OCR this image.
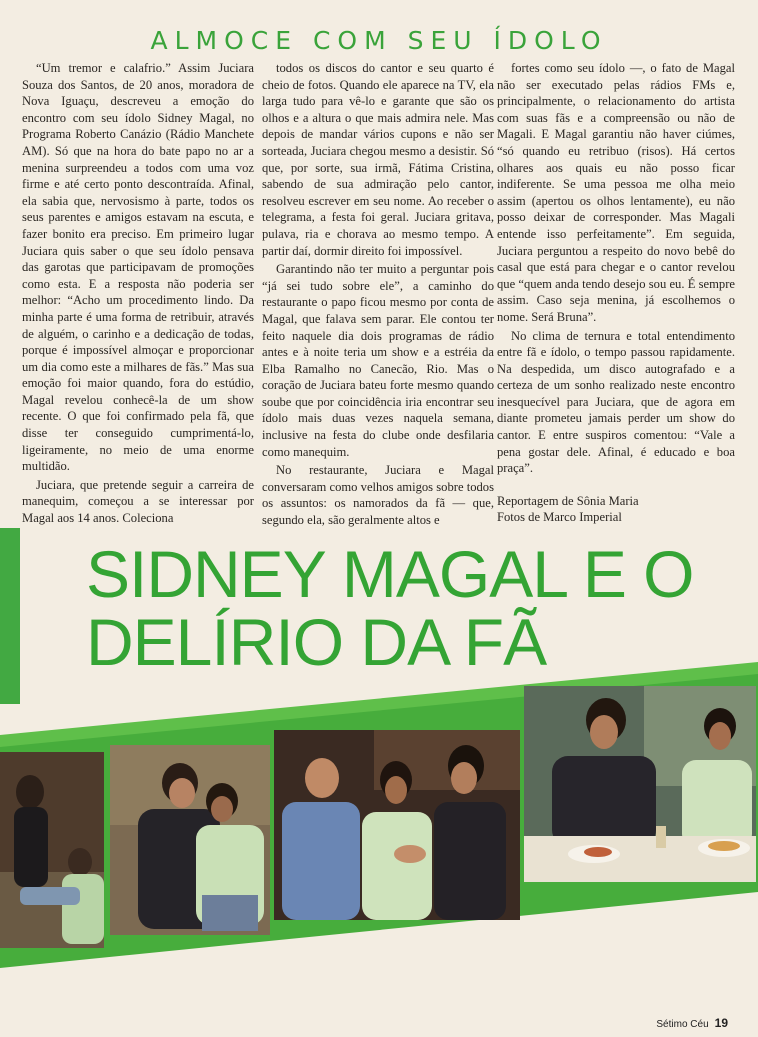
ALMOCE COM SEU ÍDOLO

“Um tremor e calafrio.” Assim Juciara Souza dos Santos, de 20 anos, moradora de Nova Iguaçu, descreveu a emoção do encontro com seu ídolo Sidney Magal, no Programa Roberto Canázio (Rádio Manchete AM). Só que na hora do bate papo no ar a menina surpreendeu a todos com uma voz firme e até certo ponto descontraída. Afinal, ela sabia que, nervosismo à parte, todos os seus parentes e amigos estavam na escuta, e fazer bonito era preciso. Em primeiro lugar Juciara quis saber o que seu ídolo pensava das garotas que participavam de promoções como esta. E a resposta não poderia ser melhor: “Acho um procedimento lindo. Da minha parte é uma forma de retribuir, através de alguém, o carinho e a dedicação de todas, porque é impossível almoçar e proporcionar um dia como este a milhares de fãs.” Mas sua emoção foi maior quando, fora do estúdio, Magal revelou conhecê-la de um show recente. O que foi confirmado pela fã, que disse ter conseguido cumprimentá-lo, ligeiramente, no meio de uma enorme multidão.

Juciara, que pretende seguir a carreira de manequim, começou a se interessar por Magal aos 14 anos. Coleciona

todos os discos do cantor e seu quarto é cheio de fotos. Quando ele aparece na TV, ela larga tudo para vê-lo e garante que são os olhos e a altura o que mais admira nele. Mas depois de mandar vários cupons e não ser sorteada, Juciara chegou mesmo a desistir. Só que, por sorte, sua irmã, Fátima Cristina, sabendo de sua admiração pelo cantor, resolveu escrever em seu nome. Ao receber o telegrama, a festa foi geral. Juciara gritava, pulava, ria e chorava ao mesmo tempo. A partir daí, dormir direito foi impossível.

Garantindo não ter muito a perguntar pois “já sei tudo sobre ele”, a caminho do restaurante o papo ficou mesmo por conta de Magal, que falava sem parar. Ele contou ter feito naquele dia dois programas de rádio antes e à noite teria um show e a estréia da Elba Ramalho no Canecão, Rio. Mas o coração de Juciara bateu forte mesmo quando soube que por coincidência iria encontrar seu ídolo mais duas vezes naquela semana, inclusive na festa do clube onde desfilaria como manequim.

No restaurante, Juciara e Magal conversaram como velhos amigos sobre todos os assuntos: os namorados da fã — que, segundo ela, são geralmente altos e

fortes como seu ídolo —, o fato de Magal não ser executado pelas rádios FMs e, principalmente, o relacionamento do artista com suas fãs e a compreensão ou não de Magali. E Magal garantiu não haver ciúmes, “só quando eu retribuo (risos). Há certos olhares aos quais eu não posso ficar indiferente. Se uma pessoa me olha meio assim (apertou os olhos lentamente), eu não posso deixar de corresponder. Mas Magali entende isso perfeitamente”. Em seguida, Juciara perguntou a respeito do novo bebê do casal que está para chegar e o cantor revelou que “quem anda tendo desejo sou eu. É sempre assim. Caso seja menina, já escolhemos o nome. Será Bruna”.

No clima de ternura e total entendimento entre fã e ídolo, o tempo passou rapidamente. Na despedida, um disco autografado e a certeza de um sonho realizado neste encontro inesquecível para Juciara, que de agora em diante prometeu jamais perder um show do cantor. E entre suspiros comentou: “Vale a pena gostar dele. Afinal, é educado e boa praça”.

Reportagem de Sônia Maria
Fotos de Marco Imperial

SIDNEY MAGAL E O
DELÍRIO DA FÃ
Sétimo Céu 19
